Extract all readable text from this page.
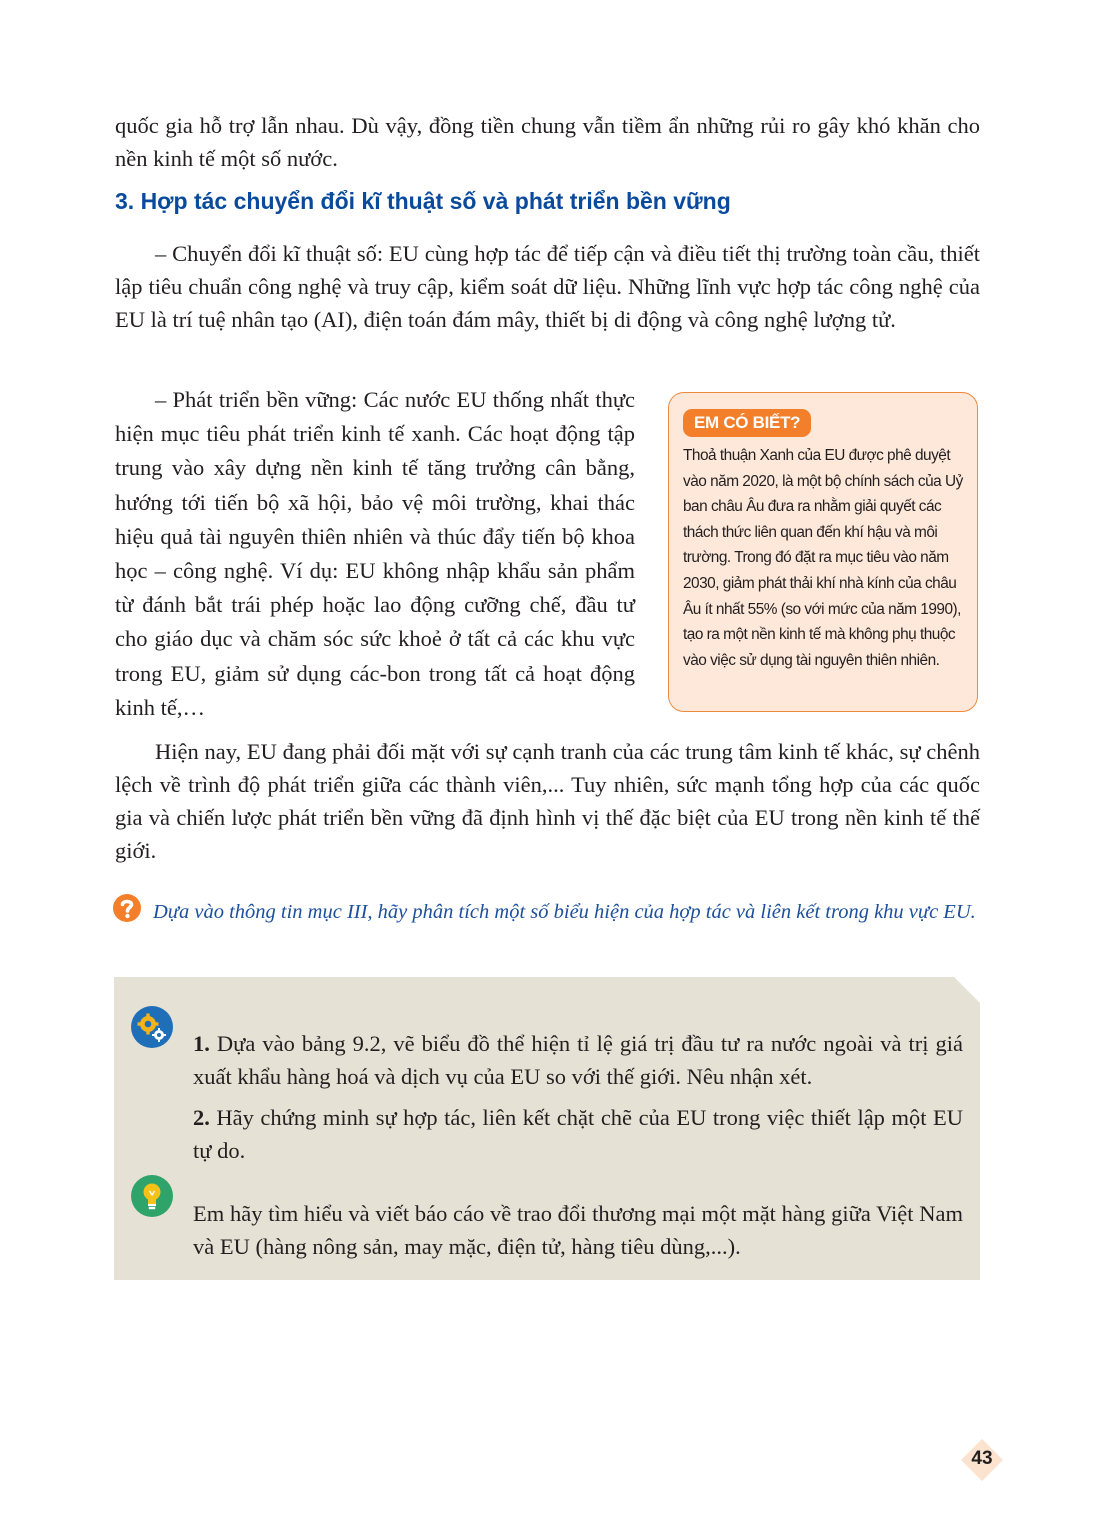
quốc gia hỗ trợ lẫn nhau. Dù vậy, đồng tiền chung vẫn tiềm ẩn những rủi ro gây khó khăn cho nền kinh tế một số nước.

3. Hợp tác chuyển đổi kĩ thuật số và phát triển bền vững

– Chuyển đổi kĩ thuật số: EU cùng hợp tác để tiếp cận và điều tiết thị trường toàn cầu, thiết lập tiêu chuẩn công nghệ và truy cập, kiểm soát dữ liệu. Những lĩnh vực hợp tác công nghệ của EU là trí tuệ nhân tạo (AI), điện toán đám mây, thiết bị di động và công nghệ lượng tử.

– Phát triển bền vững: Các nước EU thống nhất thực hiện mục tiêu phát triển kinh tế xanh. Các hoạt động tập trung vào xây dựng nền kinh tế tăng trưởng cân bằng, hướng tới tiến bộ xã hội, bảo vệ môi trường, khai thác hiệu quả tài nguyên thiên nhiên và thúc đẩy tiến bộ khoa học – công nghệ. Ví dụ: EU không nhập khẩu sản phẩm từ đánh bắt trái phép hoặc lao động cưỡng chế, đầu tư cho giáo dục và chăm sóc sức khoẻ ở tất cả các khu vực trong EU, giảm sử dụng các-bon trong tất cả hoạt động kinh tế,…

EM CÓ BIẾT?

Thoả thuận Xanh của EU được phê duyệt vào năm 2020, là một bộ chính sách của Uỷ ban châu Âu đưa ra nhằm giải quyết các thách thức liên quan đến khí hậu và môi trường. Trong đó đặt ra mục tiêu vào năm 2030, giảm phát thải khí nhà kính của châu Âu ít nhất 55% (so với mức của năm 1990), tạo ra một nền kinh tế mà không phụ thuộc vào việc sử dụng tài nguyên thiên nhiên.

Hiện nay, EU đang phải đối mặt với sự cạnh tranh của các trung tâm kinh tế khác, sự chênh lệch về trình độ phát triển giữa các thành viên,... Tuy nhiên, sức mạnh tổng hợp của các quốc gia và chiến lược phát triển bền vững đã định hình vị thế đặc biệt của EU trong nền kinh tế thế giới.

Dựa vào thông tin mục III, hãy phân tích một số biểu hiện của hợp tác và liên kết trong khu vực EU.

1. Dựa vào bảng 9.2, vẽ biểu đồ thể hiện tỉ lệ giá trị đầu tư ra nước ngoài và trị giá xuất khẩu hàng hoá và dịch vụ của EU so với thế giới. Nêu nhận xét.

2. Hãy chứng minh sự hợp tác, liên kết chặt chẽ của EU trong việc thiết lập một EU tự do.

Em hãy tìm hiểu và viết báo cáo về trao đổi thương mại một mặt hàng giữa Việt Nam và EU (hàng nông sản, may mặc, điện tử, hàng tiêu dùng,...).

43
